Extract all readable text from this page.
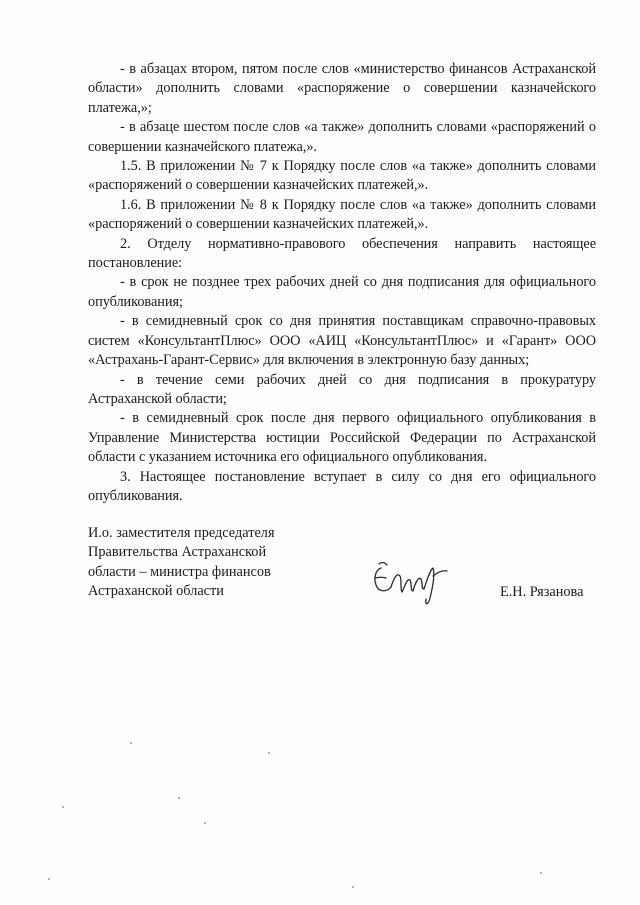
- в абзацах втором, пятом после слов «министерство финансов Астраханской области» дополнить словами «распоряжение о совершении казначейского платежа,»;

- в абзаце шестом после слов «а также» дополнить словами «распоряжений о совершении казначейского платежа,».

1.5. В приложении № 7 к Порядку после слов «а также» дополнить словами «распоряжений о совершении казначейских платежей,».

1.6. В приложении № 8 к Порядку после слов «а также» дополнить словами «распоряжений о совершении казначейских платежей,».

2. Отделу нормативно-правового обеспечения направить настоящее постановление:

- в срок не позднее трех рабочих дней со дня подписания для официального опубликования;

- в семидневный срок со дня принятия поставщикам справочно-правовых систем «КонсультантПлюс» ООО «АИЦ «КонсультантПлюс» и «Гарант» ООО «Астрахань-Гарант-Сервис» для включения в электронную базу данных;

- в течение семи рабочих дней со дня подписания в прокуратуру Астраханской области;

- в семидневный срок после дня первого официального опубликования в Управление Министерства юстиции Российской Федерации по Астраханской области с указанием источника его официального опубликования.

3. Настоящее постановление вступает в силу со дня его официального опубликования.

И.о. заместителя председателя
Правительства Астраханской
области – министра финансов
Астраханской области	Е.Н. Рязанова
